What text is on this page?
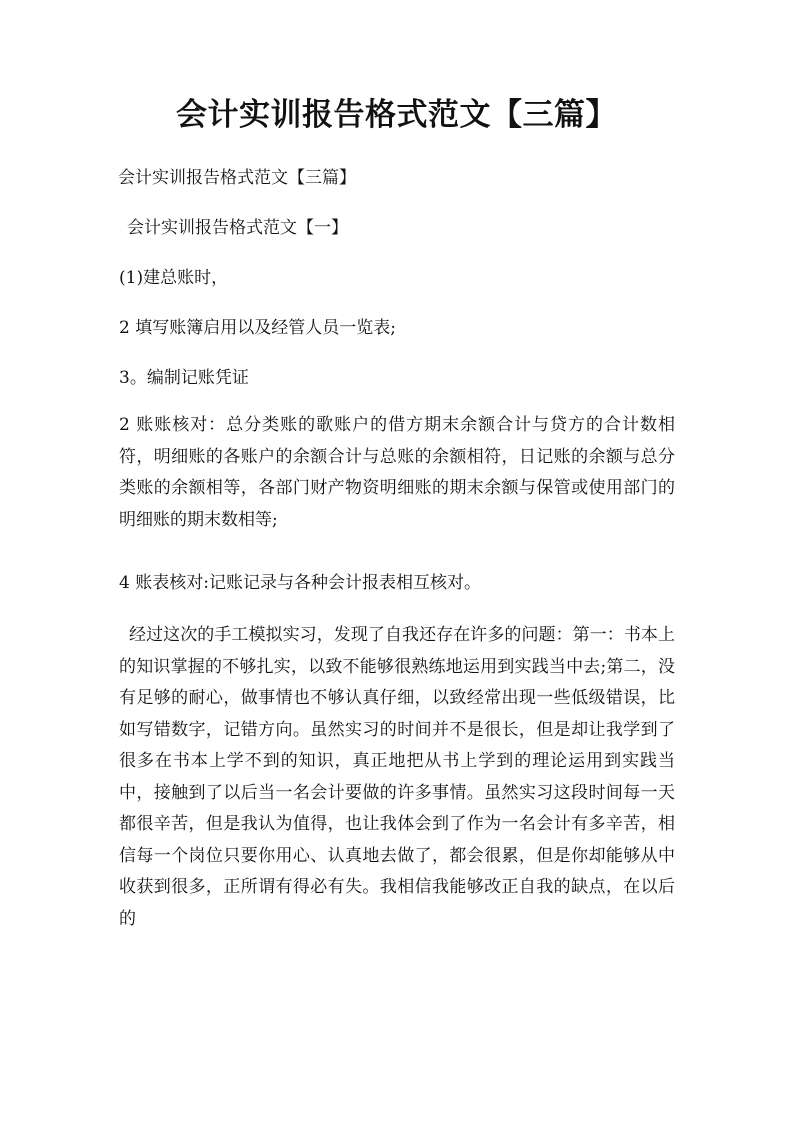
会计实训报告格式范文【三篇】
会计实训报告格式范文【三篇】
会计实训报告格式范文【一】
(1)建总账时，
2 填写账簿启用以及经管人员一览表;
3。编制记账凭证
2 账账核对：总分类账的歌账户的借方期末余额合计与贷方的合计数相符，明细账的各账户的余额合计与总账的余额相符，日记账的余额与总分类账的余额相等，各部门财产物资明细账的期末余额与保管或使用部门的明细账的期末数相等;
4 账表核对:记账记录与各种会计报表相互核对。
经过这次的手工模拟实习，发现了自我还存在许多的问题：第一：书本上的知识掌握的不够扎实，以致不能够很熟练地运用到实践当中去;第二，没有足够的耐心，做事情也不够认真仔细，以致经常出现一些低级错误，比如写错数字，记错方向。虽然实习的时间并不是很长，但是却让我学到了很多在书本上学不到的知识，真正地把从书上学到的理论运用到实践当中，接触到了以后当一名会计要做的许多事情。虽然实习这段时间每一天都很辛苦，但是我认为值得，也让我体会到了作为一名会计有多辛苦，相信每一个岗位只要你用心、认真地去做了，都会很累，但是你却能够从中收获到很多，正所谓有得必有失。我相信我能够改正自我的缺点，在以后的
